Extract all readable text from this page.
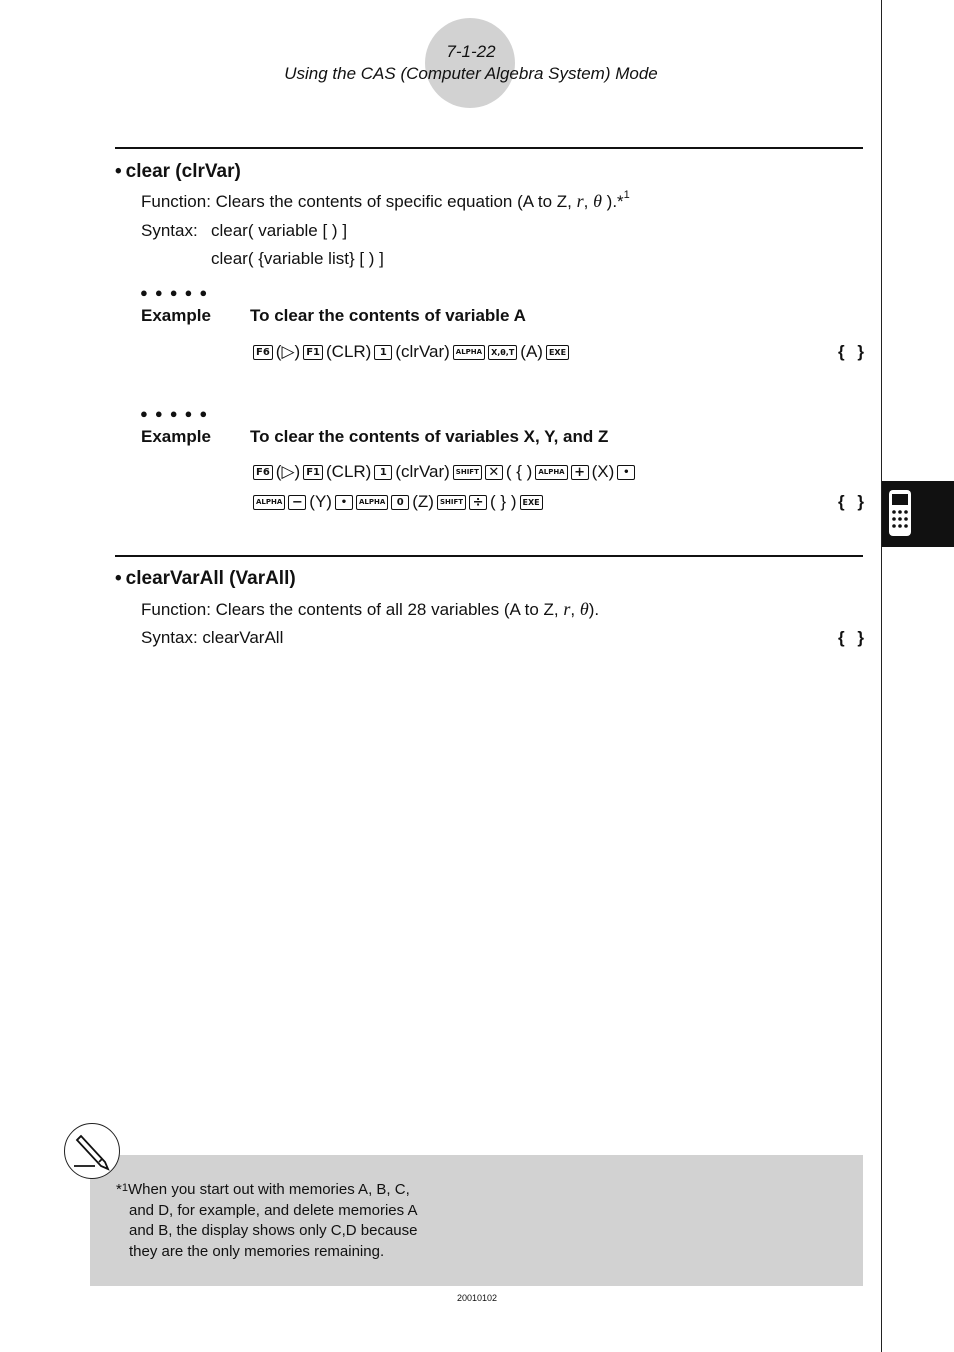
7-1-22
Using the CAS (Computer Algebra System) Mode
• clear (clrVar)
Function: Clears the contents of specific equation (A to Z, r, θ ).*$^1$
Syntax: clear( variable [ ) ]
clear( {variable list} [ ) ]
●●●●●
Example To clear the contents of variable A
F6 (▷) F1 (CLR) 1 (clrVar) ALPHA	X,θ,T (A) EXE	{ }
●●●●●
Example To clear the contents of variables X, Y, and Z
F6 (▷) F1 (CLR) 1 (clrVar) SHIFT ✕ ( { ) ALPHA + (X) •
ALPHA − (Y) •	ALPHA	0 (Z) SHIFT ÷ ( } ) EXE	{ }
• clearVarAll (VarAll)
Function: Clears the contents of all 28 variables (A to Z, r, θ).
Syntax: clearVarAll	{ }
*$^1$When you start out with memories A, B, C,
and D, for example, and delete memories A
and B, the display shows only C,D because
they are the only memories remaining.
20010102
